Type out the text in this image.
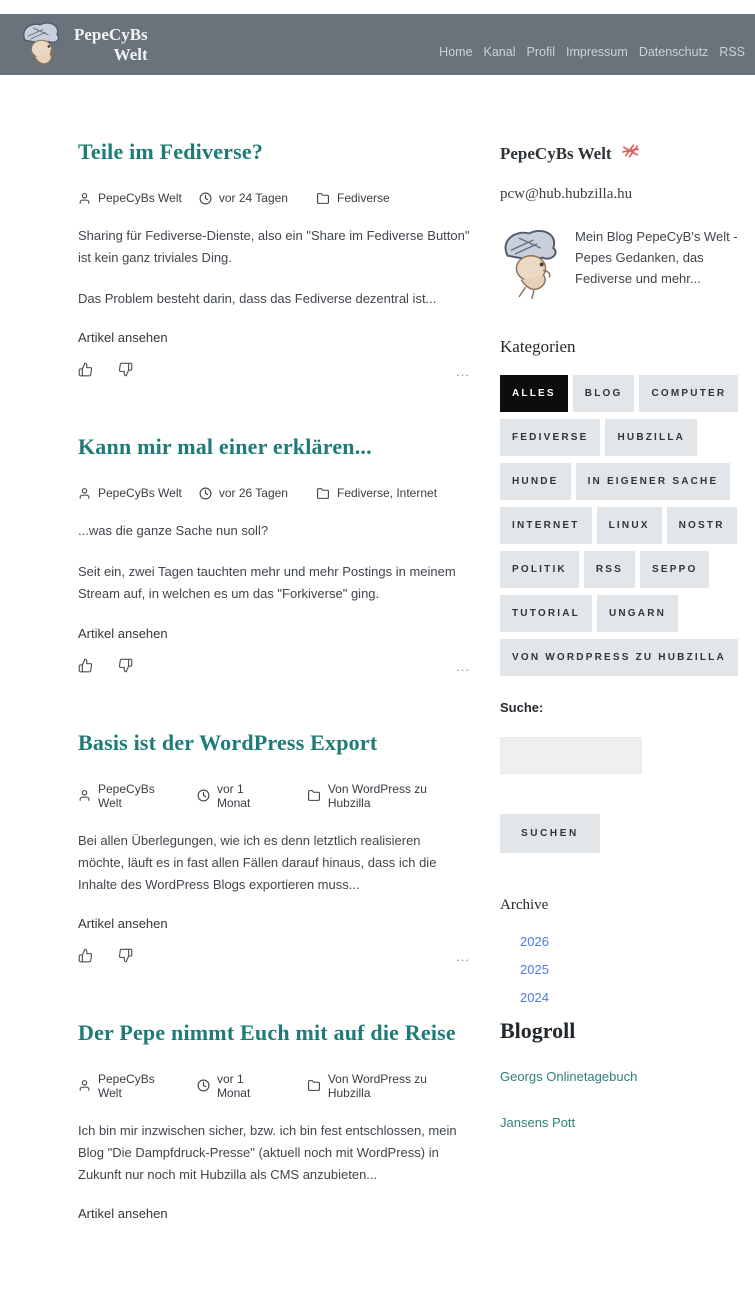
PepeCyBs
Welt	Home Kanal Profil Impressum Datenschutz RSS
Teile im Fediverse?
PepeCyBs Welt	vor 24 Tagen	Fediverse

Sharing für Fediverse-Dienste, also ein "Share im Fediverse Button" ist kein ganz triviales Ding.

Das Problem besteht darin, dass das Fediverse dezentral ist...

Artikel ansehen
...
Kann mir mal einer erklären...
PepeCyBs Welt	vor 26 Tagen	Fediverse, Internet

...was die ganze Sache nun soll?

Seit ein, zwei Tagen tauchten mehr und mehr Postings in meinem Stream auf, in welchen es um das "Forkiverse" ging.

Artikel ansehen
...
Basis ist der WordPress Export
PepeCyBs Welt
vor 1 Monat
Von WordPress zu Hubzilla

Bei allen Überlegungen, wie ich es denn letztlich realisieren möchte, läuft es in fast allen Fällen darauf hinaus, dass ich die Inhalte des WordPress Blogs exportieren muss...

Artikel ansehen
...
Der Pepe nimmt Euch mit auf die Reise
PepeCyBs Welt
vor 1 Monat
Von WordPress zu Hubzilla

Ich bin mir inzwischen sicher, bzw. ich bin fest entschlossen, mein Blog "Die Dampfdruck-Presse" (aktuell noch mit WordPress) in Zukunft nur noch mit Hubzilla als CMS anzubieten...

Artikel ansehen
PepeCyBs Welt
pcw@hub.hubzilla.hu

Mein Blog PepeCyB's Welt - Pepes Gedanken, das Fediverse und mehr...

Kategorien
ALLES	BLOG	COMPUTER
FEDIVERSE	HUBZILLA
HUNDE	IN EIGENER SACHE
INTERNET	LINUX	NOSTR
POLITIK	RSS	SEPPO
TUTORIAL	UNGARN
VON WORDPRESS ZU HUBZILLA
Suche:
SUCHEN
Archive
2026
2025
2024
Blogroll
Georgs Onlinetagebuch
Jansens Pott
